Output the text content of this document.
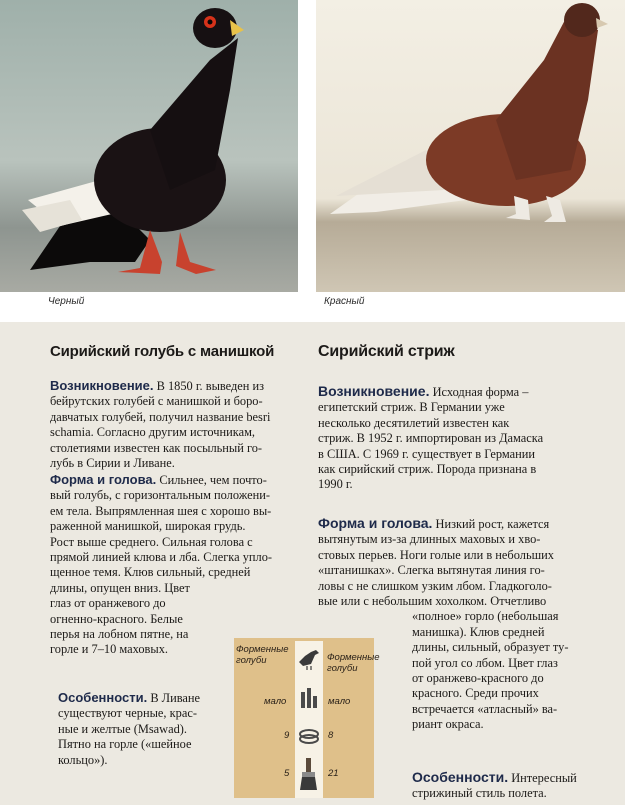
Черный	Красный
Сирийский голубь с манишкой
Возникновение. В 1850 г. выведен из
бейрутских голубей с манишкой и боро-
давчатых голубей, получил название besri
schamia. Согласно другим источникам,
столетиями известен как посыльный го-
лубь в Сирии и Ливане.
Форма и голова. Сильнее, чем почто-
вый голубь, с горизонтальным положени-
ем тела. Выпрямленная шея с хорошо вы-
раженной манишкой, широкая грудь.
Рост выше среднего. Сильная голова с
прямой линией клюва и лба. Слегка упло-
щенное темя. Клюв сильный, средней
длины, опущен вниз. Цвет
глаз от оранжевого до
огненно-красного. Белые
перья на лобном пятне, на
горле и 7–10 маховых.
Особенности. В Ливане
существуют черные, крас-
ные и желтые (Msawad).
Пятно на горле («шейное
кольцо»).
Сирийский стриж
Возникновение. Исходная форма –
египетский стриж. В Германии уже
несколько десятилетий известен как
стриж. В 1952 г. импортирован из Дамаска
в США. С 1969 г. существует в Германии
как сирийский стриж. Порода признана в
1990 г.
Форма и голова. Низкий рост, кажется
вытянутым из-за длинных маховых и хво-
стовых перьев. Ноги голые или в небольших
«штанишках». Слегка вытянутая линия го-
ловы с не слишком узким лбом. Гладкоголо-
вые или с небольшим хохолком. Отчетливо
«полное» горло (небольшая
манишка). Клюв средней
длины, сильный, образует ту-
пой угол со лбом. Цвет глаз
от оранжево-красного до
красного. Среди прочих
встречается «атласный» ва-
риант окраса.
Особенности. Интересный
стрижиный стиль полета.
Форменные голуби	Форменные голуби
мало	мало
9	8
5	21
